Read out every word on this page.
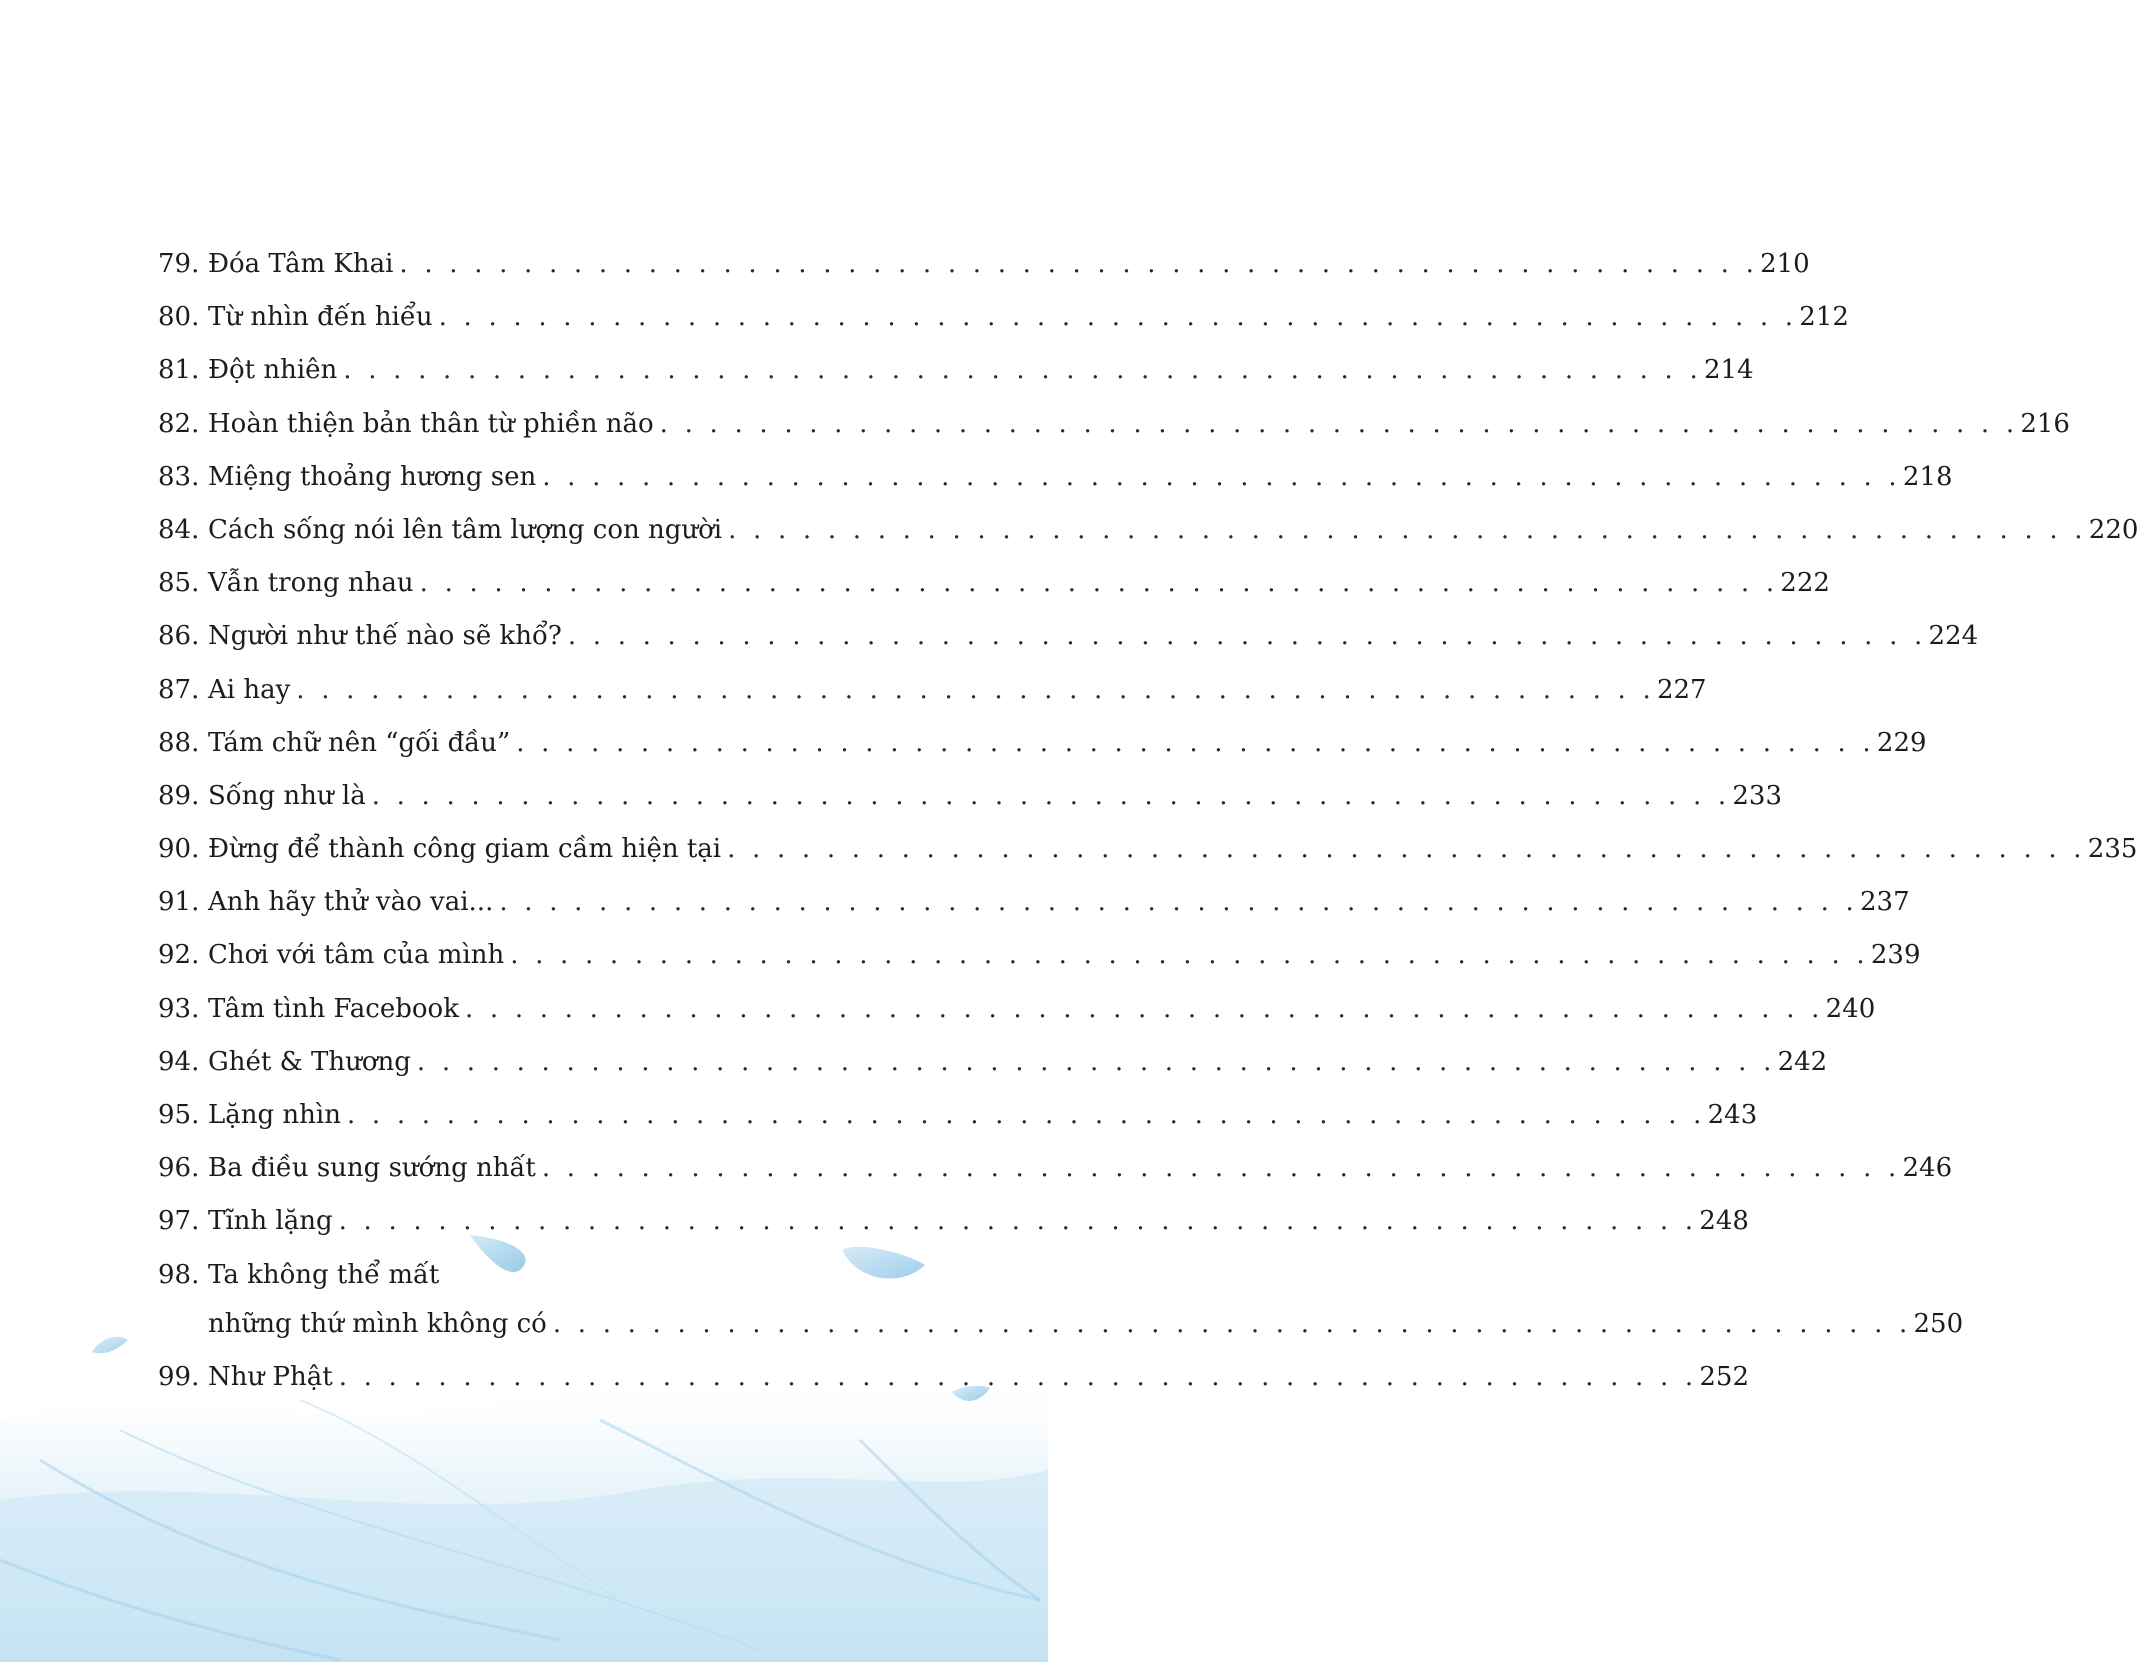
79. Đóa Tâm Khai . . . . . . . . . . . . . . . . . . . . . . . . . . . . . . . . . . . . . . . . . . . . . . . . . . . . . . . 210
80. Từ nhìn đến hiểu . . . . . . . . . . . . . . . . . . . . . . . . . . . . . . . . . . . . . . . . . . . . . . . . . . . . . . . 212
81. Đột nhiên . . . . . . . . . . . . . . . . . . . . . . . . . . . . . . . . . . . . . . . . . . . . . . . . . . . . . . . 214
82. Hoàn thiện bản thân từ phiền não . . . . . . . . . . . . . . . . . . . . . . . . . . . . . . . . . . . . . . . . . . . . . . . . . . . . . . . 216
83. Miệng thoảng hương sen . . . . . . . . . . . . . . . . . . . . . . . . . . . . . . . . . . . . . . . . . . . . . . . . . . . . . . . 218
84. Cách sống nói lên tâm lượng con người . . . . . . . . . . . . . . . . . . . . . . . . . . . . . . . . . . . . . . . . . . . . . . . . . . . . . . . 220
85. Vẫn trong nhau . . . . . . . . . . . . . . . . . . . . . . . . . . . . . . . . . . . . . . . . . . . . . . . . . . . . . . . 222
86. Người như thế nào sẽ khổ? . . . . . . . . . . . . . . . . . . . . . . . . . . . . . . . . . . . . . . . . . . . . . . . . . . . . . . . 224
87. Ai hay . . . . . . . . . . . . . . . . . . . . . . . . . . . . . . . . . . . . . . . . . . . . . . . . . . . . . . . 227
88. Tám chữ nên “gối đầu” . . . . . . . . . . . . . . . . . . . . . . . . . . . . . . . . . . . . . . . . . . . . . . . . . . . . . . . 229
89. Sống như là . . . . . . . . . . . . . . . . . . . . . . . . . . . . . . . . . . . . . . . . . . . . . . . . . . . . . . . 233
90. Đừng để thành công giam cầm hiện tại . . . . . . . . . . . . . . . . . . . . . . . . . . . . . . . . . . . . . . . . . . . . . . . . . . . . . . . 235
91. Anh hãy thử vào vai... . . . . . . . . . . . . . . . . . . . . . . . . . . . . . . . . . . . . . . . . . . . . . . . . . . . . . . . 237
92. Chơi với tâm của mình . . . . . . . . . . . . . . . . . . . . . . . . . . . . . . . . . . . . . . . . . . . . . . . . . . . . . . . 239
93. Tâm tình Facebook . . . . . . . . . . . . . . . . . . . . . . . . . . . . . . . . . . . . . . . . . . . . . . . . . . . . . . . 240
94. Ghét & Thương . . . . . . . . . . . . . . . . . . . . . . . . . . . . . . . . . . . . . . . . . . . . . . . . . . . . . . . 242
95. Lặng nhìn . . . . . . . . . . . . . . . . . . . . . . . . . . . . . . . . . . . . . . . . . . . . . . . . . . . . . . . 243
96. Ba điều sung sướng nhất . . . . . . . . . . . . . . . . . . . . . . . . . . . . . . . . . . . . . . . . . . . . . . . . . . . . . . . 246
97. Tĩnh lặng . . . . . . . . . . . . . . . . . . . . . . . . . . . . . . . . . . . . . . . . . . . . . . . . . . . . . . . 248
98. Ta không thể mất
những thứ mình không có . . . . . . . . . . . . . . . . . . . . . . . . . . . . . . . . . . . . . . . . . . . . . . . . . . . . . . . 250
99. Như Phật . . . . . . . . . . . . . . . . . . . . . . . . . . . . . . . . . . . . . . . . . . . . . . . . . . . . . . . 252
